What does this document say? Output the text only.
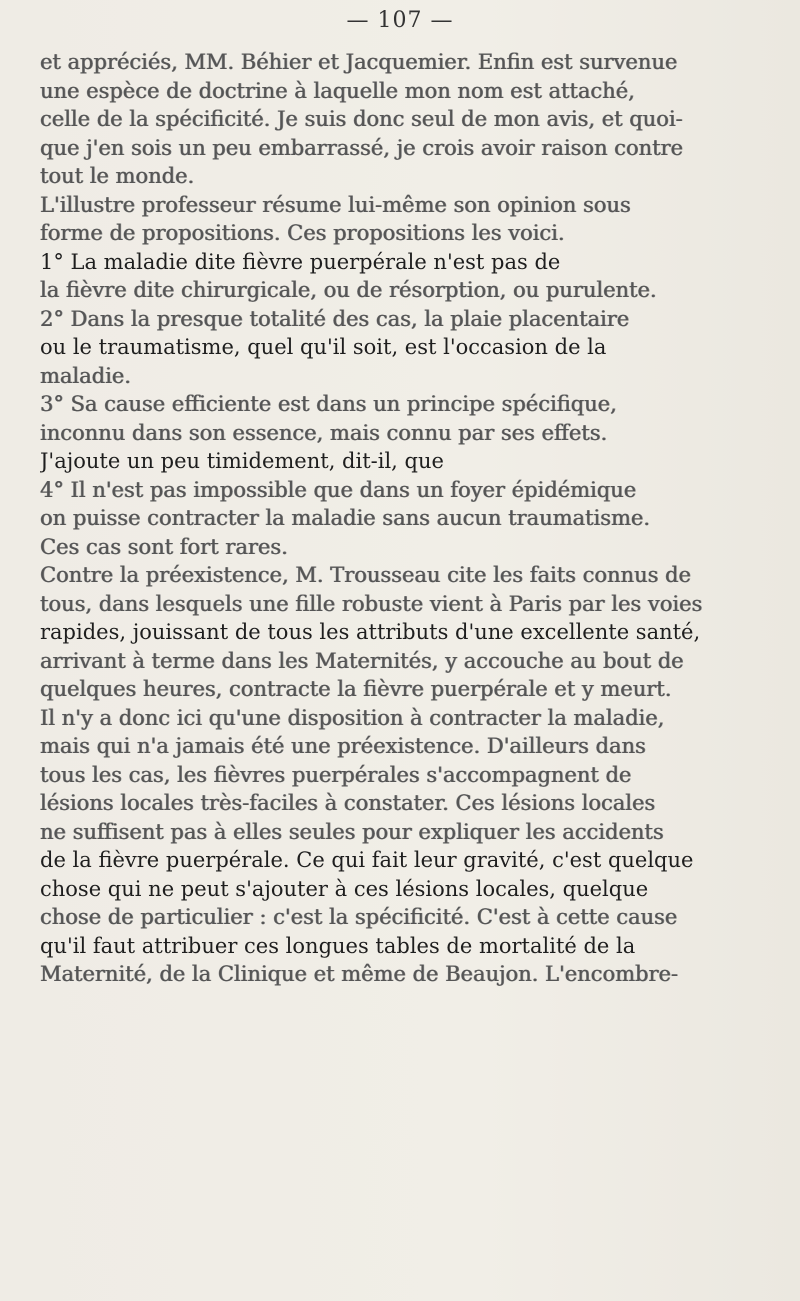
— 107 —
et appréciés, MM. Béhier et Jacquemier. Enfin est survenue
une espèce de doctrine à laquelle mon nom est attaché,
celle de la spécificité. Je suis donc seul de mon avis, et quoi-
que j'en sois un peu embarrassé, je crois avoir raison contre
tout le monde.
L'illustre professeur résume lui-même son opinion sous
forme de propositions. Ces propositions les voici.
1° La maladie dite fièvre puerpérale n'est pas de
la fièvre dite chirurgicale, ou de résorption, ou purulente.
2° Dans la presque totalité des cas, la plaie placentaire
ou le traumatisme, quel qu'il soit, est l'occasion de la
maladie.
3° Sa cause efficiente est dans un principe spécifique,
inconnu dans son essence, mais connu par ses effets.
J'ajoute un peu timidement, dit-il, que
4° Il n'est pas impossible que dans un foyer épidémique
on puisse contracter la maladie sans aucun traumatisme.
Ces cas sont fort rares.
Contre la préexistence, M. Trousseau cite les faits connus de
tous, dans lesquels une fille robuste vient à Paris par les voies
rapides, jouissant de tous les attributs d'une excellente santé,
arrivant à terme dans les Maternités, y accouche au bout de
quelques heures, contracte la fièvre puerpérale et y meurt.
Il n'y a donc ici qu'une disposition à contracter la maladie,
mais qui n'a jamais été une préexistence. D'ailleurs dans
tous les cas, les fièvres puerpérales s'accompagnent de
lésions locales très-faciles à constater. Ces lésions locales
ne suffisent pas à elles seules pour expliquer les accidents
de la fièvre puerpérale. Ce qui fait leur gravité, c'est quelque
chose qui ne peut s'ajouter à ces lésions locales, quelque
chose de particulier : c'est la spécificité. C'est à cette cause
qu'il faut attribuer ces longues tables de mortalité de la
Maternité, de la Clinique et même de Beaujon. L'encombre-
